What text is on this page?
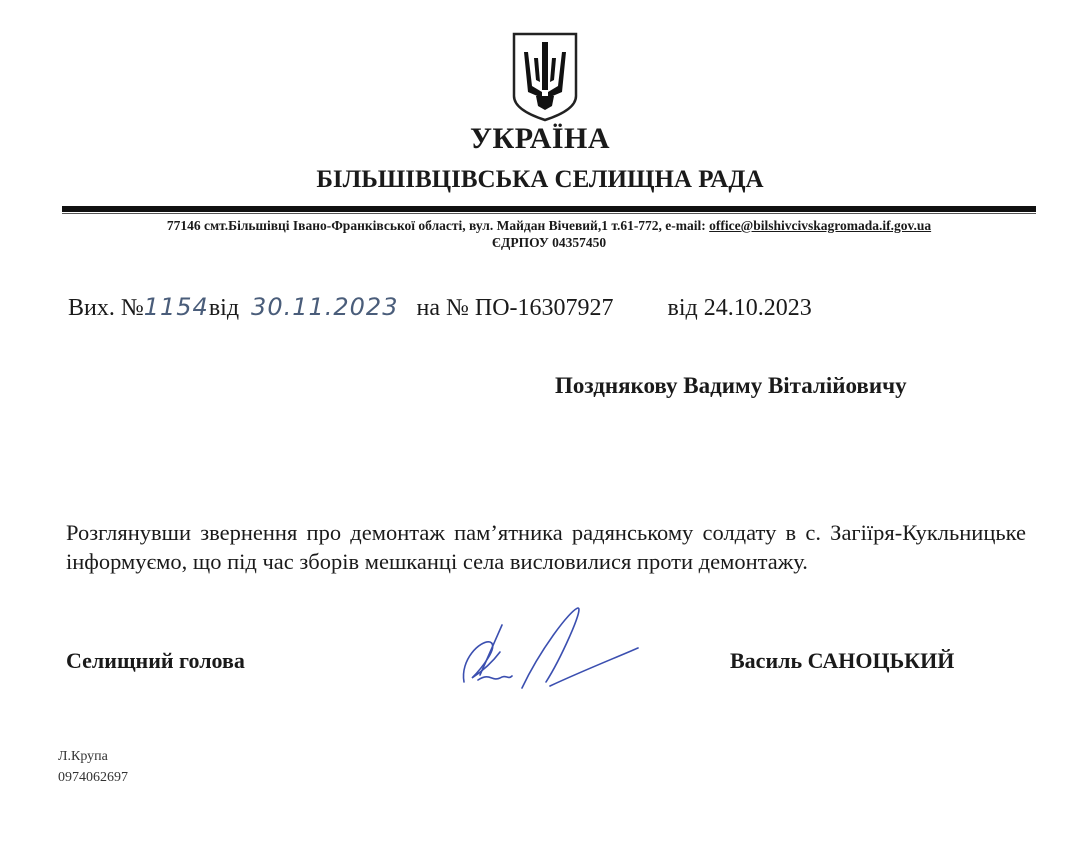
УКРАЇНА
БІЛЬШІВЦІВСЬКА СЕЛИЩНА РАДА
77146 смт.Більшівці Івано-Франківської області, вул. Майдан Вічевий,1 т.61-772, e-mail: office@bilshivcivskagromada.if.gov.ua
ЄДРПОУ 04357450
Вих. №1154від 30.11.2023 на № ПО-16307927 від 24.10.2023
Позднякову Вадиму Віталійовичу
Розглянувши звернення про демонтаж пам’ятника радянському солдату в с. Загіїря-Кукльницьке інформуємо, що під час зборів мешканці села висловилися проти демонтажу.
Селищний голова	Василь САНОЦЬКИЙ
Л.Крупа
0974062697
